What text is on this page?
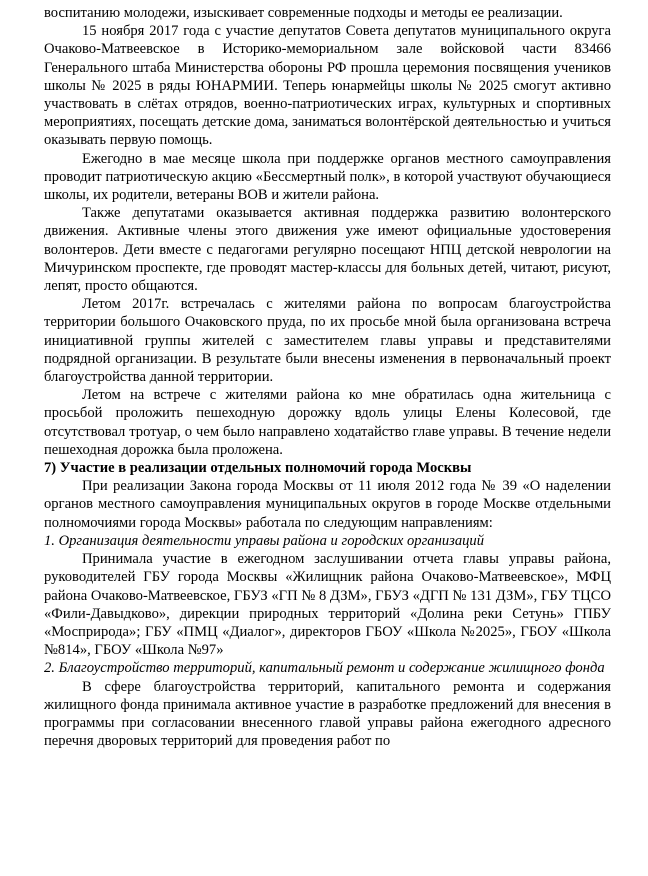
воспитанию молодежи, изыскивает современные подходы и методы ее реализации.

15 ноября 2017 года с участие депутатов Совета депутатов муниципального округа Очаково-Матвеевское в Историко-мемориальном зале войсковой части 83466 Генерального штаба Министерства обороны РФ прошла церемония посвящения учеников школы № 2025 в ряды ЮНАРМИИ. Теперь юнармейцы школы № 2025 смогут активно участвовать в слётах отрядов, военно-патриотических играх, культурных и спортивных мероприятиях, посещать детские дома, заниматься волонтёрской деятельностью и учиться оказывать первую помощь.

Ежегодно в мае месяце школа при поддержке органов местного самоуправления проводит патриотическую акцию «Бессмертный полк», в которой участвуют обучающиеся школы, их родители, ветераны ВОВ и жители района.

Также депутатами оказывается активная поддержка развитию волонтерского движения. Активные члены этого движения уже имеют официальные удостоверения волонтеров. Дети вместе с педагогами регулярно посещают НПЦ детской неврологии на Мичуринском проспекте, где проводят мастер-классы для больных детей, читают, рисуют, лепят, просто общаются.

Летом 2017г. встречалась с жителями района по вопросам благоустройства территории большого Очаковского пруда, по их просьбе мной была организована встреча инициативной группы жителей с заместителем главы управы и представителями подрядной организации. В результате были внесены изменения в первоначальный проект благоустройства данной территории.

Летом на встрече с жителями района ко мне обратилась одна жительница с просьбой проложить пешеходную дорожку вдоль улицы Елены Колесовой, где отсутствовал тротуар, о чем было направлено ходатайство главе управы. В течение недели пешеходная дорожка была проложена.

7) Участие в реализации отдельных полномочий города Москвы

При реализации Закона города Москвы от 11 июля 2012 года № 39 «О наделении органов местного самоуправления муниципальных округов в городе Москве отдельными полномочиями города Москвы» работала по следующим направлениям:

1. Организация деятельности управы района и городских организаций

Принимала участие в ежегодном заслушивании отчета главы управы района, руководителей ГБУ города Москвы «Жилищник района Очаково-Матвеевское», МФЦ района Очаково-Матвеевское, ГБУЗ «ГП № 8 ДЗМ», ГБУЗ «ДГП № 131 ДЗМ», ГБУ ТЦСО «Фили-Давыдково», дирекции природных территорий «Долина реки Сетунь» ГПБУ «Мосприрода»; ГБУ «ПМЦ «Диалог», директоров ГБОУ «Школа №2025», ГБОУ «Школа №814», ГБОУ «Школа №97»

2. Благоустройство территорий, капитальный ремонт и содержание жилищного фонда

В сфере благоустройства территорий, капитального ремонта и содержания жилищного фонда принимала активное участие в разработке предложений для внесения в программы при согласовании внесенного главой управы района ежегодного адресного перечня дворовых территорий для проведения работ по
